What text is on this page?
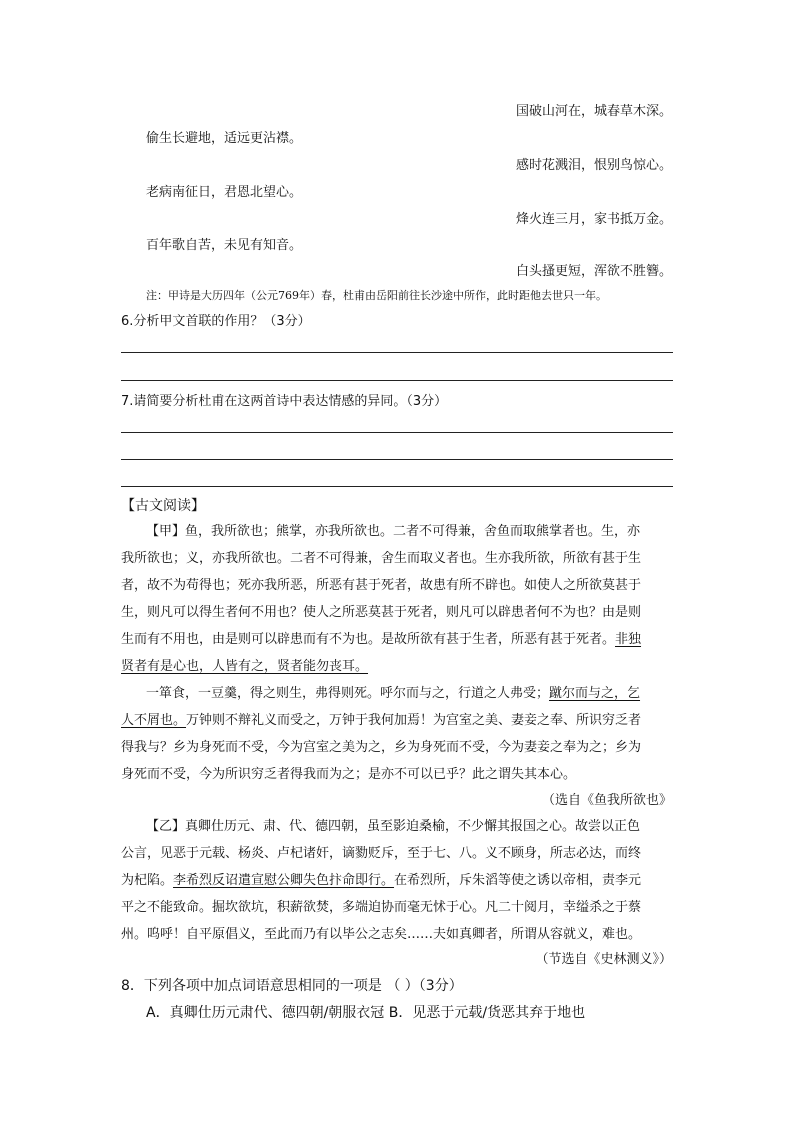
国破山河在，城春草木深。
偷生长避地，适远更沾襟。
感时花溅泪，恨别鸟惊心。
老病南征日，君恩北望心。
烽火连三月，家书抵万金。
百年歌自苦，未见有知音。
白头搔更短，浑欲不胜簪。
注：甲诗是大历四年（公元769年）春，杜甫由岳阳前往长沙途中所作，此时距他去世只一年。
6.分析甲文首联的作用？（3分）
7.请简要分析杜甫在这两首诗中表达情感的异同。（3分）
【古文阅读】
【甲】鱼，我所欲也；熊掌，亦我所欲也。二者不可得兼，舍鱼而取熊掌者也。生，亦
我所欲也；义，亦我所欲也。二者不可得兼，舍生而取义者也。生亦我所欲，所欲有甚于生
者，故不为苟得也；死亦我所恶，所恶有甚于死者，故患有所不辟也。如使人之所欲莫甚于
生，则凡可以得生者何不用也？使人之所恶莫甚于死者，则凡可以辟患者何不为也？由是则
生而有不用也，由是则可以辟患而有不为也。是故所欲有甚于生者，所恶有甚于死者。非独
贤者有是心也，人皆有之，贤者能勿丧耳。
一箪食，一豆羹，得之则生，弗得则死。呼尔而与之，行道之人弗受；蹴尔而与之，乞
人不屑也。万钟则不辩礼义而受之，万钟于我何加焉！为宫室之美、妻妾之奉、所识穷乏者
得我与？乡为身死而不受，今为宫室之美为之，乡为身死而不受，今为妻妾之奉为之；乡为
身死而不受，今为所识穷乏者得我而为之；是亦不可以已乎？此之谓失其本心。
（选自《鱼我所欲也》
【乙】真卿仕历元、肃、代、德四朝，虽至影迫桑榆，不少懈其报国之心。故尝以正色
公言，见恶于元载、杨炎、卢杞诸奸，谪勠贬斥，至于七、八。义不顾身，所志必达，而终
为杞陷。李希烈反诏遣宣慰公卿失色抃命即行。在希烈所，斥朱滔等使之诱以帝相，责李元
平之不能致命。掘坎欲坑，积薪欲焚，多端迫协而毫无怵于心。凡二十阅月，幸缢杀之于蔡
州。呜呼！自平原倡义，至此而乃有以毕公之志矣……夫如真卿者，所谓从容就义，难也。
（节选自《史林测义》）
8．下列各项中加点词语意思相同的一项是 （ ）（3分）
A．真卿仕历元肃代、德四朝/朝服衣冠 B．见恶于元载/货恶其弃于地也
